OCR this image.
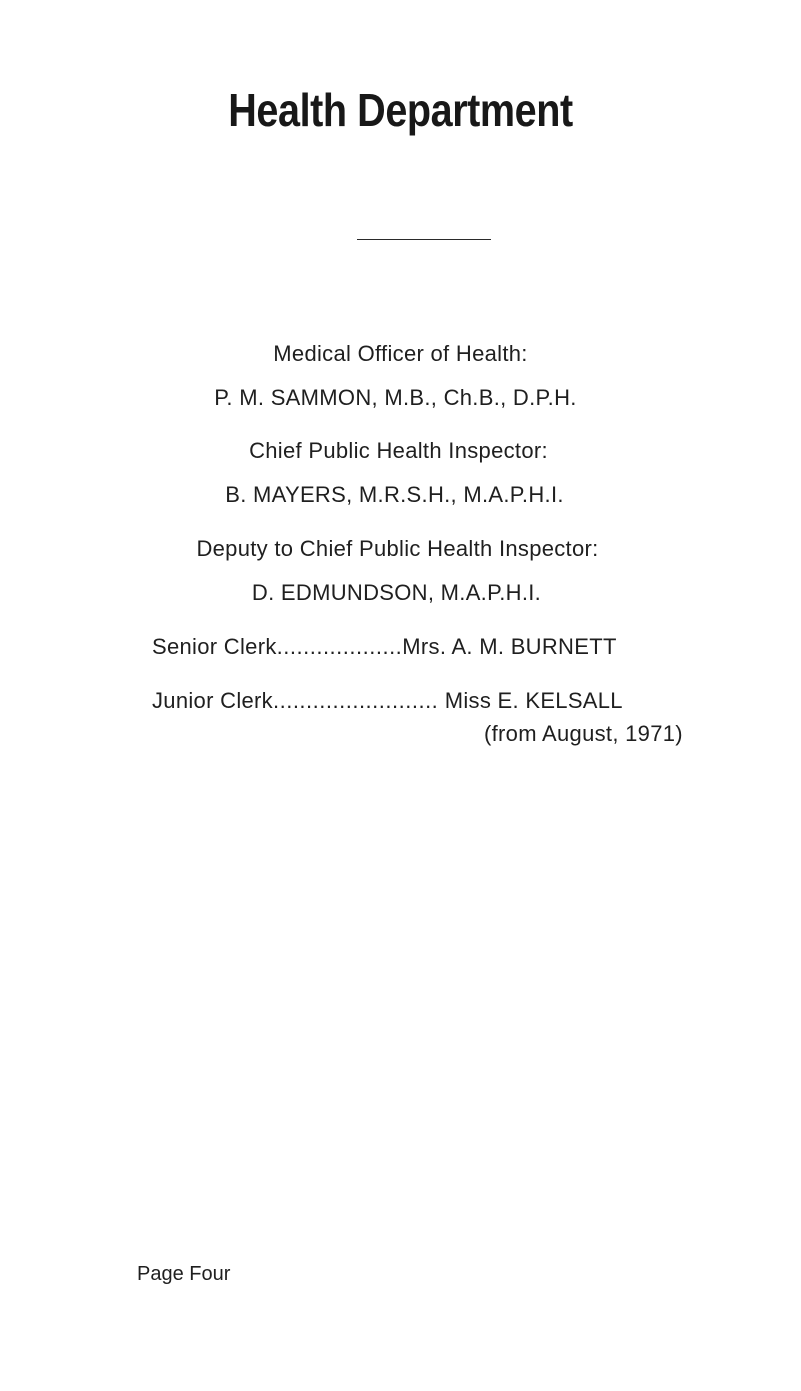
Health Department
Medical Officer of Health:
P. M. SAMMON, M.B., Ch.B., D.P.H.
Chief Public Health Inspector:
B. MAYERS, M.R.S.H., M.A.P.H.I.
Deputy to Chief Public Health Inspector:
D. EDMUNDSON, M.A.P.H.I.
Senior Clerk...................Mrs. A. M. BURNETT
Junior Clerk......................... Miss E. KELSALL
(from August, 1971)
Page Four
